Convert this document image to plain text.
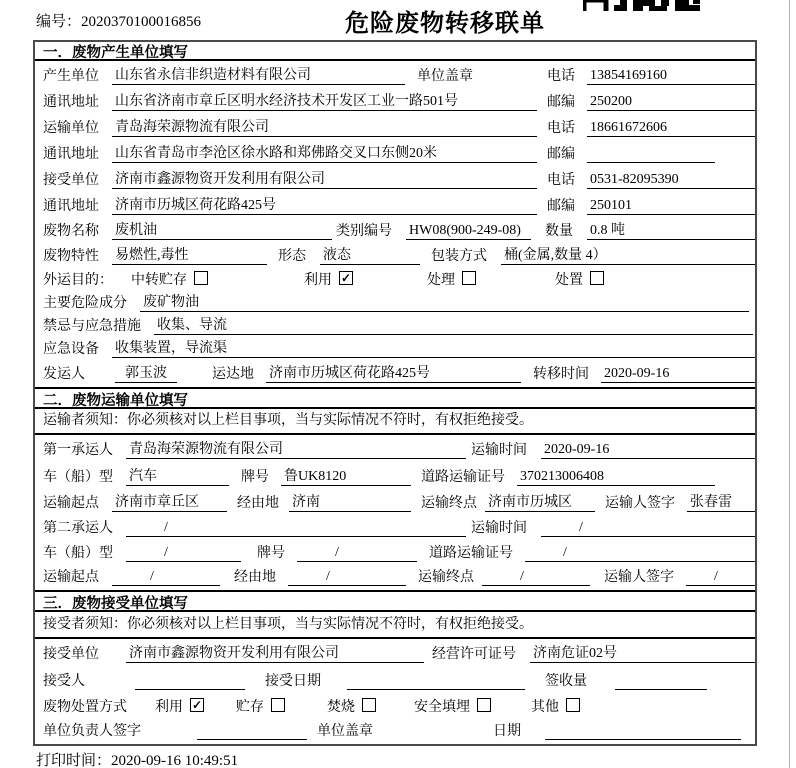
编号：2020370100016856	危险废物转移联单
一．废物产生单位填写
产生单位 山东省永信非织造材料有限公司	单位盖章	电话 13854169160
通讯地址 山东省济南市章丘区明水经济技术开发区工业一路501号	邮编 250200
运输单位 青岛海荣源物流有限公司	电话 18661672606
通讯地址 山东省青岛市李沧区徐水路和郑佛路交叉口东侧20米	邮编
接受单位 济南市鑫源物资开发利用有限公司	电话 0531-82095390
通讯地址 济南市历城区荷花路425号	邮编 250101
废物名称 废机油	类别编号 HW08(900-249-08)	数量 0.8 吨
废物特性 易燃性,毒性	形态 液态	包装方式 桶(金属,数量 4）
外运目的： 中转贮存	利用 ✓	处理	处置
主要危险成分 废矿物油
禁忌与应急措施 收集、导流
应急设备 收集装置，导流渠
发运人	郭玉波	运达地 济南市历城区荷花路425号	转移时间 2020-09-16
二．废物运输单位填写
运输者须知：你必须核对以上栏目事项，当与实际情况不符时，有权拒绝接受。
第一承运人 青岛海荣源物流有限公司	运输时间 2020-09-16
车（船）型 汽车	牌号 鲁UK8120	道路运输证号 370213006408
运输起点 济南市章丘区	经由地 济南	运输终点 济南市历城区	运输人签字 张春雷
第二承运人	/	运输时间	/
车（船）型	/	牌号	/	道路运输证号	/
运输起点	/	经由地	/	运输终点	/	运输人签字	/
三．废物接受单位填写
接受者须知：你必须核对以上栏目事项，当与实际情况不符时，有权拒绝接受。
接受单位 济南市鑫源物资开发利用有限公司	经营许可证号 济南危证02号
接受人	接受日期	签收量
废物处置方式 利用 ✓	贮存	焚烧	安全填埋	其他
单位负责人签字	单位盖章	日期
打印时间：2020-09-16 10:49:51
